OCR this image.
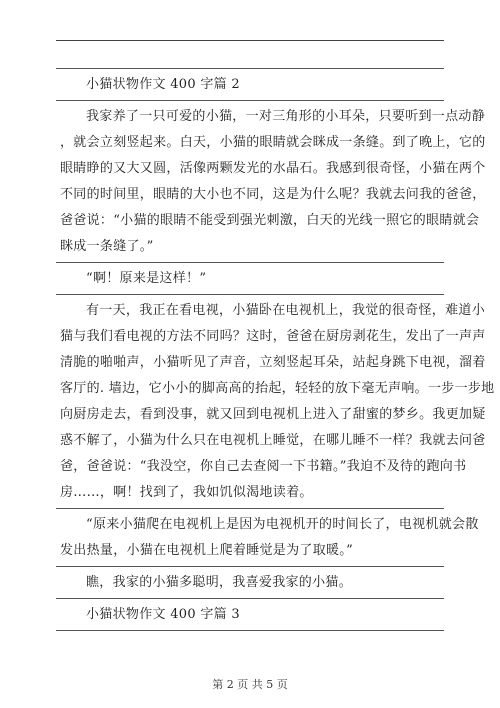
小猫状物作文 400 字篇 2
我家养了一只可爱的小猫，一对三角形的小耳朵，只要听到一点动静
，就会立刻竖起来。白天，小猫的眼睛就会眯成一条缝。到了晚上，它的
眼睛睁的又大又圆，活像两颗发光的水晶石。我感到很奇怪，小猫在两个
不同的时间里，眼睛的大小也不同，这是为什么呢？我就去问我的爸爸，
爸爸说：“小猫的眼睛不能受到强光刺激，白天的光线一照它的眼睛就会
眯成一条缝了。”
“啊！原来是这样！”
有一天，我正在看电视，小猫卧在电视机上，我觉的很奇怪，难道小
猫与我们看电视的方法不同吗？这时，爸爸在厨房剥花生，发出了一声声
清脆的啪啪声，小猫听见了声音，立刻竖起耳朵，站起身跳下电视，溜着
客厅的. 墙边，它小小的脚高高的抬起，轻轻的放下毫无声响。一步一步地
向厨房走去，看到没事，就又回到电视机上进入了甜蜜的梦乡。我更加疑
惑不解了，小猫为什么只在电视机上睡觉，在哪儿睡不一样？我就去问爸
爸，爸爸说：“我没空，你自己去查阅一下书籍。”我迫不及待的跑向书
房……，啊！找到了，我如饥似渴地读着。
“原来小猫爬在电视机上是因为电视机开的时间长了，电视机就会散
发出热量，小猫在电视机上爬着睡觉是为了取暖。”
瞧，我家的小猫多聪明，我喜爱我家的小猫。
小猫状物作文 400 字篇 3
第 2 页 共 5 页
